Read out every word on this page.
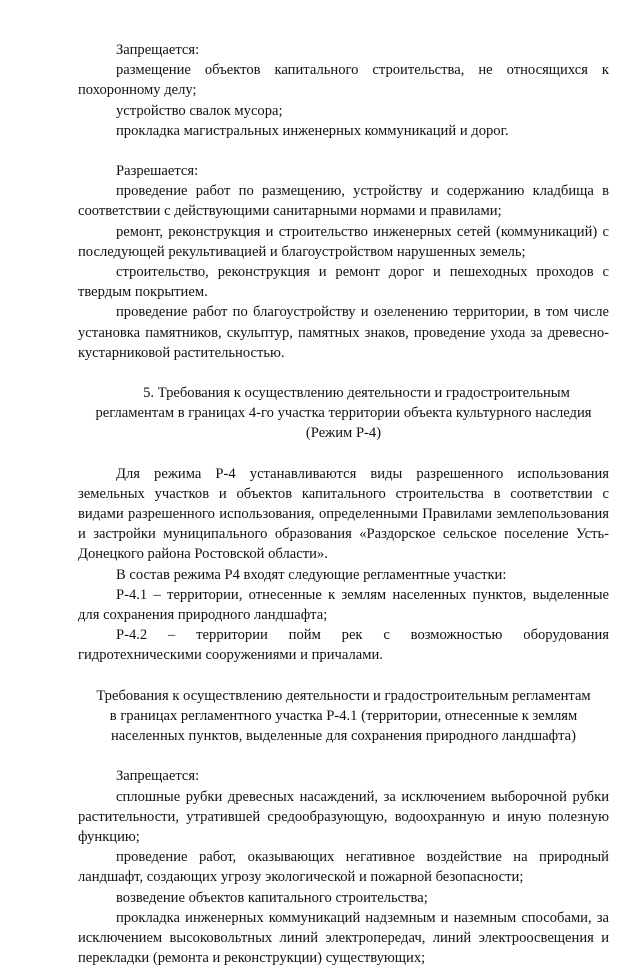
Запрещается:

размещение объектов капитального строительства, не относящихся к похоронному делу;

устройство свалок мусора;

прокладка магистральных инженерных коммуникаций и дорог.

Разрешается:

проведение работ по размещению, устройству и содержанию кладбища в соответствии с действующими санитарными нормами и правилами;

ремонт, реконструкция и строительство инженерных сетей (коммуникаций) с последующей рекультивацией и благоустройством нарушенных земель;

строительство, реконструкция и ремонт дорог и пешеходных проходов с твердым покрытием.

проведение работ по благоустройству и озеленению территории, в том числе установка памятников, скульптур, памятных знаков, проведение ухода за древесно-кустарниковой растительностью.

5. Требования к осуществлению деятельности и градостроительным

регламентам в границах 4-го участка территории объекта культурного наследия

(Режим Р-4)

Для режима Р-4 устанавливаются виды разрешенного использования земельных участков и объектов капитального строительства в соответствии с видами разрешенного использования, определенными Правилами землепользования и застройки муниципального образования «Раздорское сельское поселение Усть-Донецкого района Ростовской области».

В состав режима Р4 входят следующие регламентные участки:

Р-4.1 – территории, отнесенные к землям населенных пунктов, выделенные для сохранения природного ландшафта;

Р-4.2 – территории пойм рек с возможностью оборудования гидротехническими сооружениями и причалами.

Требования к осуществлению деятельности и градостроительным регламентам

в границах регламентного участка Р-4.1 (территории, отнесенные к землям

населенных пунктов, выделенные для сохранения природного ландшафта)

Запрещается:

сплошные рубки древесных насаждений, за исключением выборочной рубки растительности, утратившей средообразующую, водоохранную и иную полезную функцию;

проведение работ, оказывающих негативное воздействие на природный ландшафт, создающих угрозу экологической и пожарной безопасности;

возведение объектов капитального строительства;

прокладка инженерных коммуникаций надземным и наземным способами, за исключением высоковольтных линий электропередач, линий электроосвещения и перекладки (ремонта и реконструкции) существующих;
